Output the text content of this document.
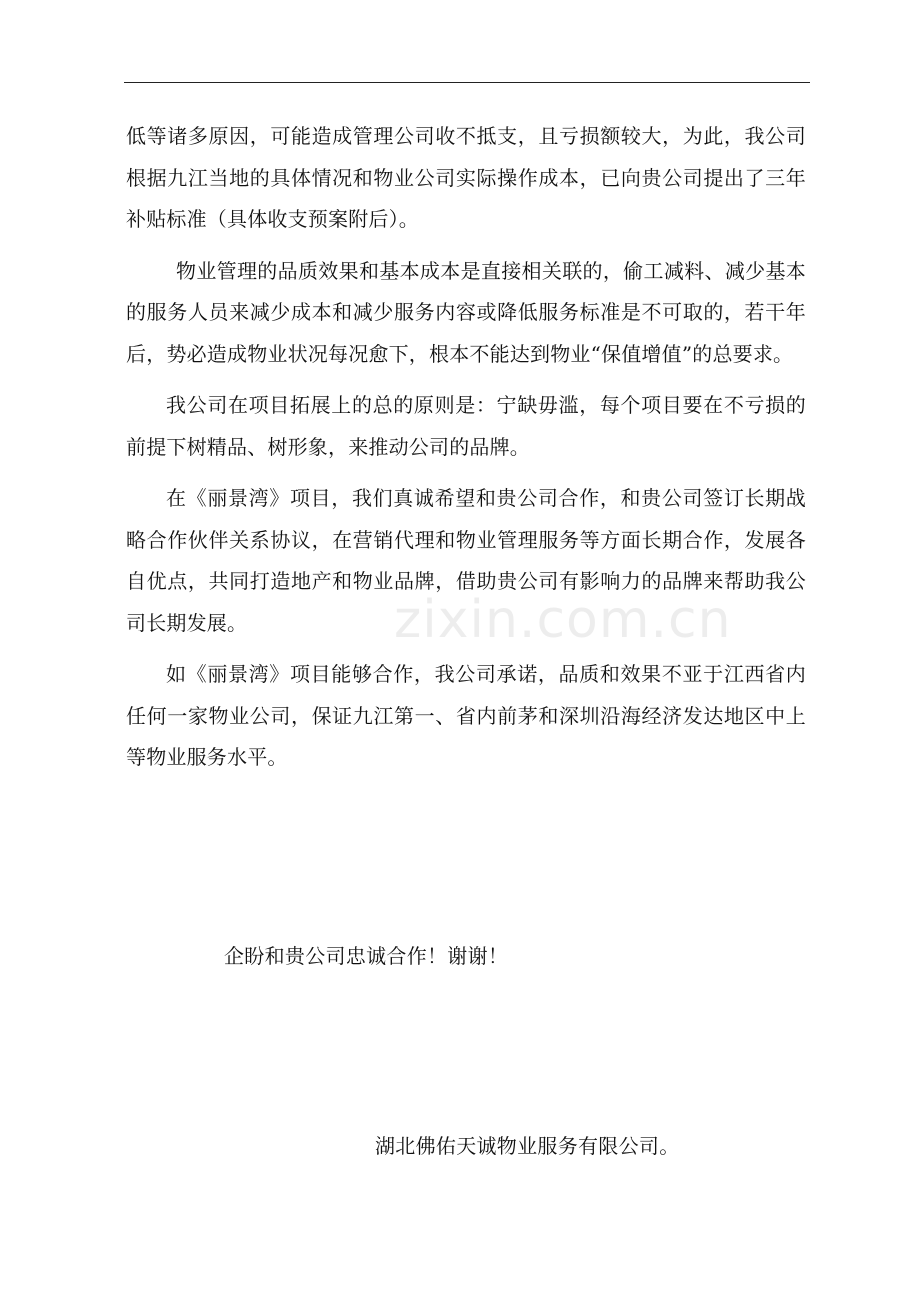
低等诸多原因，可能造成管理公司收不抵支，且亏损额较大，为此，我公司根据九江当地的具体情况和物业公司实际操作成本，已向贵公司提出了三年补贴标准（具体收支预案附后）。

物业管理的品质效果和基本成本是直接相关联的，偷工减料、减少基本的服务人员来减少成本和减少服务内容或降低服务标准是不可取的，若干年后，势必造成物业状况每况愈下，根本不能达到物业“保值增值”的总要求。

我公司在项目拓展上的总的原则是：宁缺毋滥，每个项目要在不亏损的前提下树精品、树形象，来推动公司的品牌。

在《丽景湾》项目，我们真诚希望和贵公司合作，和贵公司签订长期战略合作伙伴关系协议，在营销代理和物业管理服务等方面长期合作，发展各自优点，共同打造地产和物业品牌，借助贵公司有影响力的品牌来帮助我公司长期发展。

如《丽景湾》项目能够合作，我公司承诺，品质和效果不亚于江西省内任何一家物业公司，保证九江第一、省内前茅和深圳沿海经济发达地区中上等物业服务水平。

企盼和贵公司忠诚合作！谢谢！
湖北佛佑天诚物业服务有限公司。
zixin.com.cn
